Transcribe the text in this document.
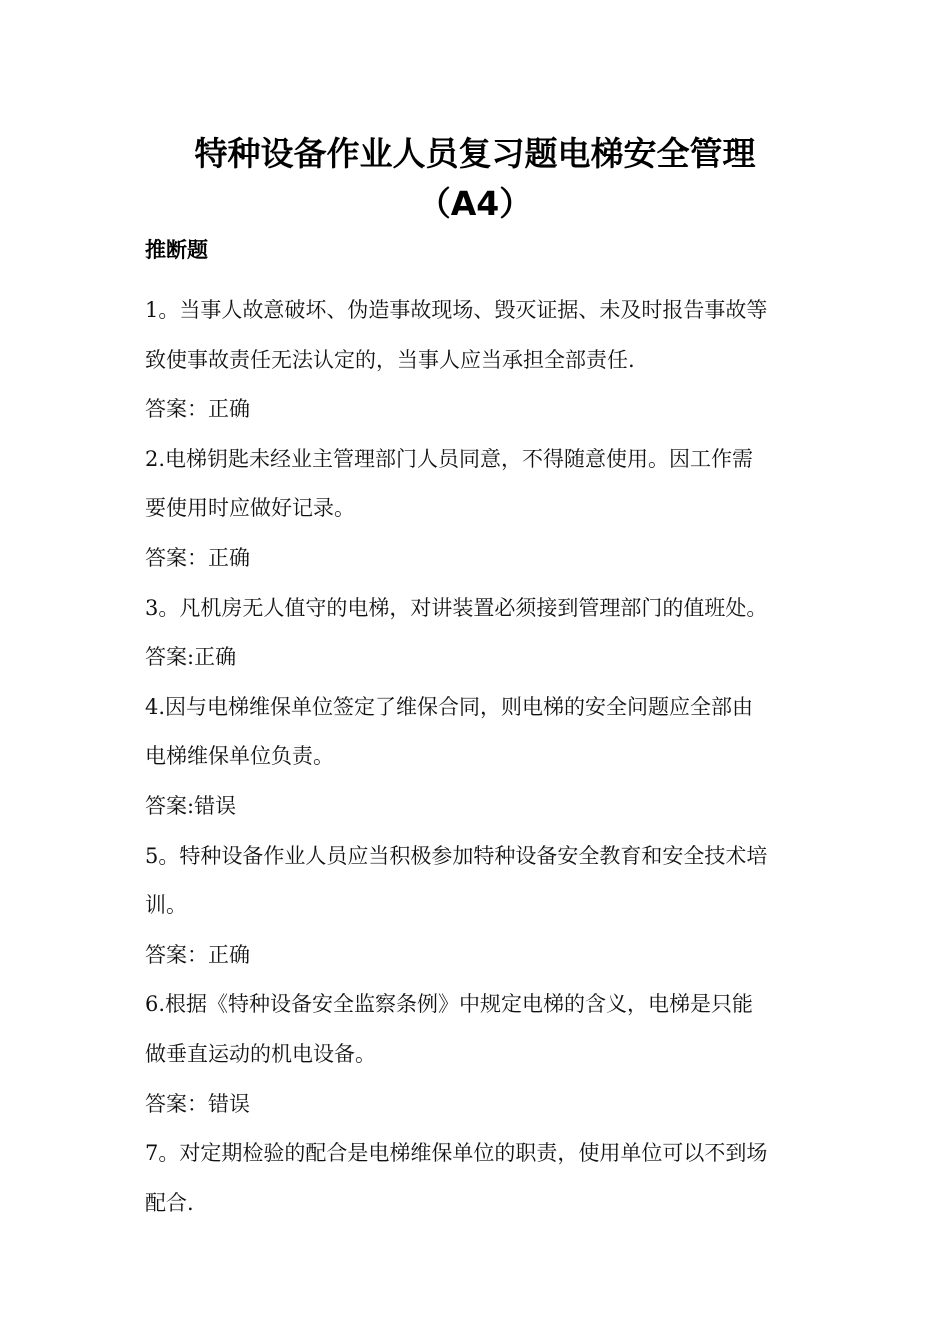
特种设备作业人员复习题电梯安全管理
（A4）
推断题

1。当事人故意破坏、伪造事故现场、毁灭证据、未及时报告事故等
致使事故责任无法认定的，当事人应当承担全部责任.

答案：正确

2.电梯钥匙未经业主管理部门人员同意，不得随意使用。因工作需
要使用时应做好记录。

答案：正确

3。凡机房无人值守的电梯，对讲装置必须接到管理部门的值班处。

答案:正确

4.因与电梯维保单位签定了维保合同，则电梯的安全问题应全部由
电梯维保单位负责。

答案:错误

5。特种设备作业人员应当积极参加特种设备安全教育和安全技术培
训。

答案：正确

6.根据《特种设备安全监察条例》中规定电梯的含义，电梯是只能
做垂直运动的机电设备。

答案：错误

7。对定期检验的配合是电梯维保单位的职责，使用单位可以不到场
配合.
